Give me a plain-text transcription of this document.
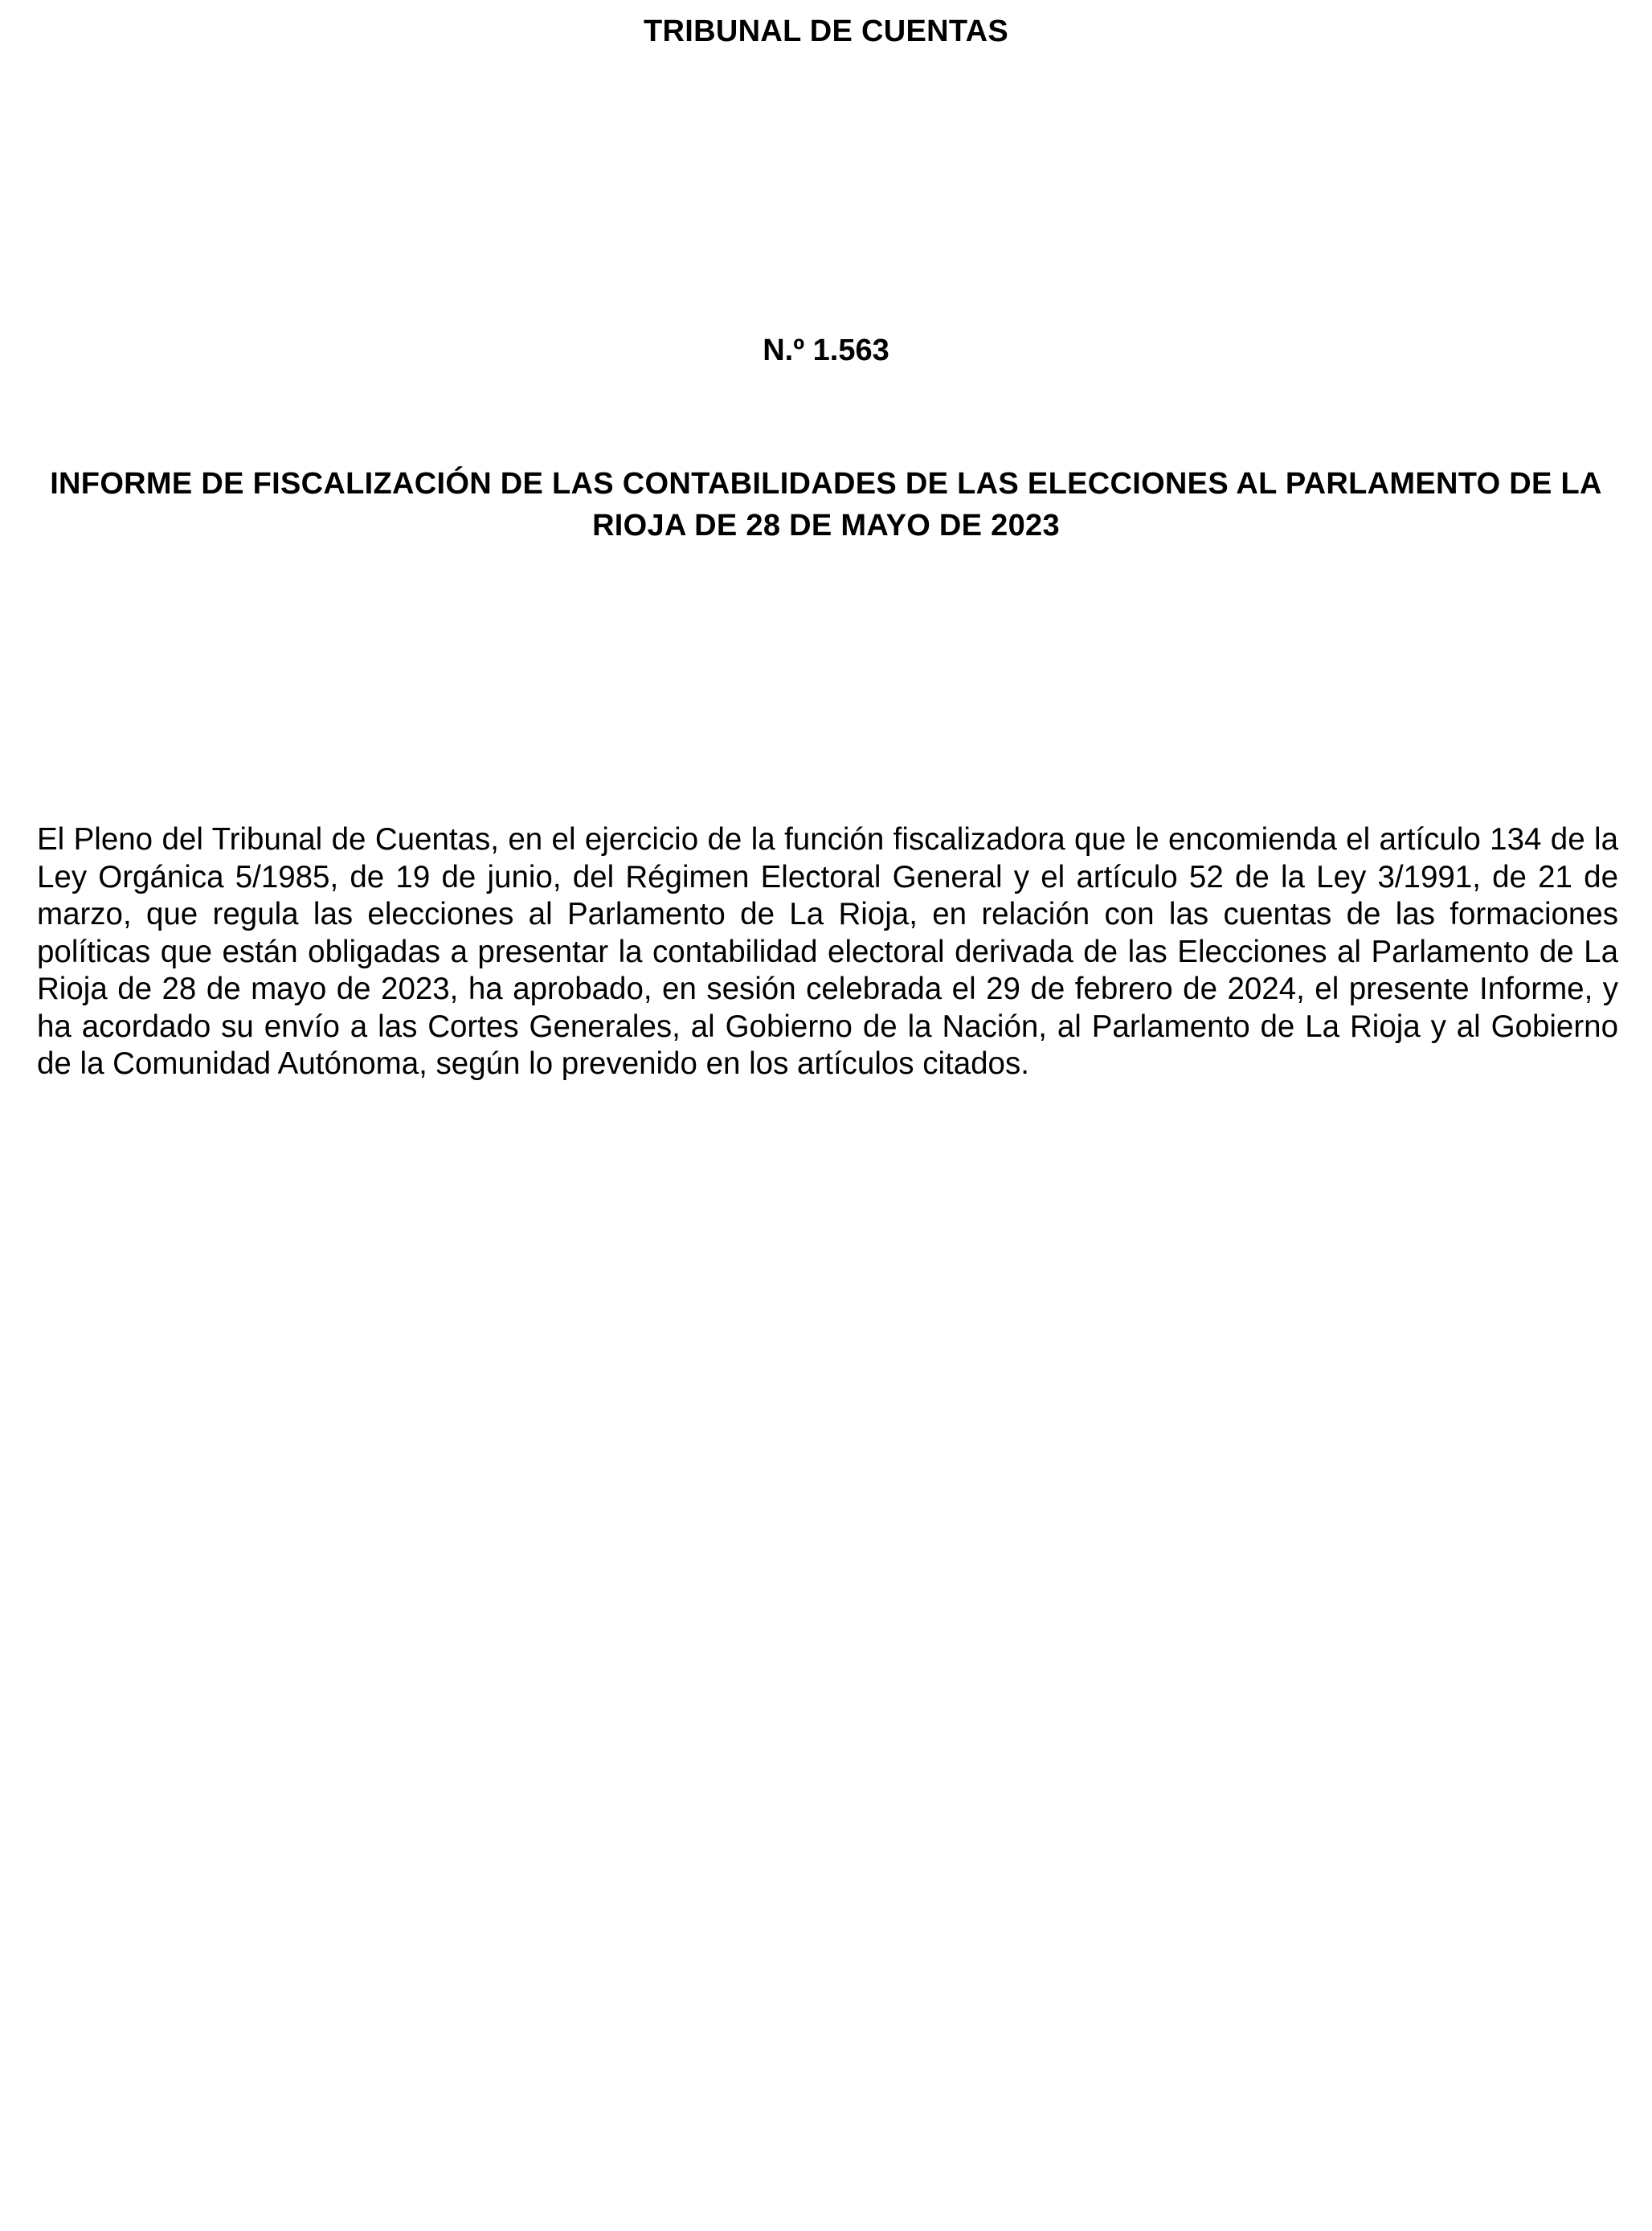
TRIBUNAL DE CUENTAS
N.º 1.563
INFORME DE FISCALIZACIÓN DE LAS CONTABILIDADES DE LAS ELECCIONES AL PARLAMENTO DE LA RIOJA DE 28 DE MAYO DE 2023
El Pleno del Tribunal de Cuentas, en el ejercicio de la función fiscalizadora que le encomienda el artículo 134 de la Ley Orgánica 5/1985, de 19 de junio, del Régimen Electoral General y el artículo 52 de la Ley 3/1991, de 21 de marzo, que regula las elecciones al Parlamento de La Rioja, en relación con las cuentas de las formaciones políticas que están obligadas a presentar la contabilidad electoral derivada de las Elecciones al Parlamento de La Rioja de 28 de mayo de 2023, ha aprobado, en sesión celebrada el 29 de febrero de 2024, el presente Informe, y ha acordado su envío a las Cortes Generales, al Gobierno de la Nación, al Parlamento de La Rioja y al Gobierno de la Comunidad Autónoma, según lo prevenido en los artículos citados.
